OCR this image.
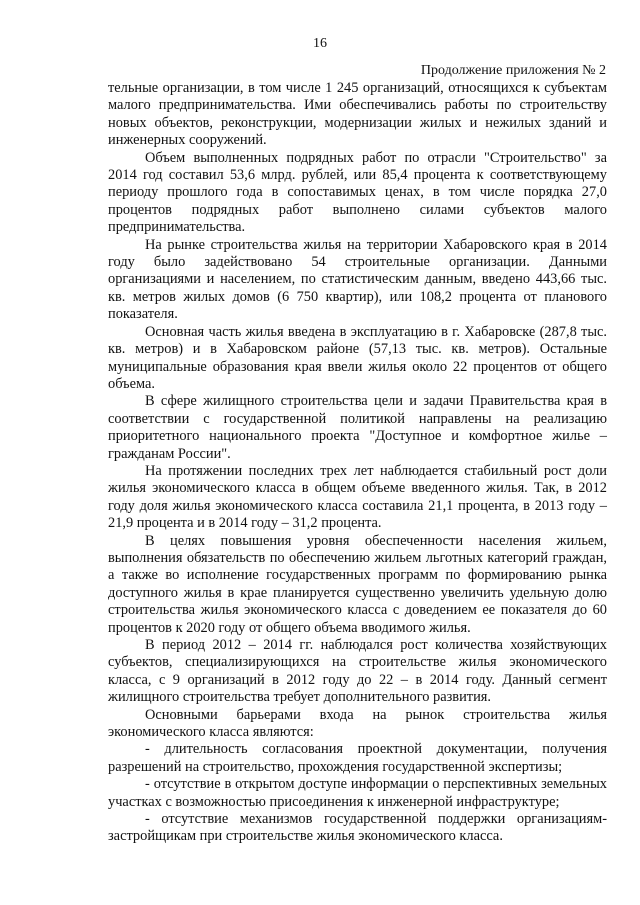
16
Продолжение приложения № 2

тельные организации, в том числе 1 245 организаций, относящихся к субъектам малого предпринимательства. Ими обеспечивались работы по строительству новых объектов, реконструкции, модернизации жилых и нежилых зданий и инженерных сооружений.

Объем выполненных подрядных работ по отрасли "Строительство" за 2014 год составил 53,6 млрд. рублей, или 85,4 процента к соответствующему периоду прошлого года в сопоставимых ценах, в том числе порядка 27,0 процентов подрядных работ выполнено силами субъектов малого предпринимательства.

На рынке строительства жилья на территории Хабаровского края в 2014 году было задействовано 54 строительные организации. Данными организациями и населением, по статистическим данным, введено 443,66 тыс. кв. метров жилых домов (6 750 квартир), или 108,2 процента от планового показателя.

Основная часть жилья введена в эксплуатацию в г. Хабаровске (287,8 тыс. кв. метров) и в Хабаровском районе (57,13 тыс. кв. метров). Остальные муниципальные образования края ввели жилья около 22 процентов от общего объема.

В сфере жилищного строительства цели и задачи Правительства края в соответствии с государственной политикой направлены на реализацию приоритетного национального проекта "Доступное и комфортное жилье – гражданам России".

На протяжении последних трех лет наблюдается стабильный рост доли жилья экономического класса в общем объеме введенного жилья. Так, в 2012 году доля жилья экономического класса составила 21,1 процента, в 2013 году – 21,9 процента и в 2014 году – 31,2 процента.

В целях повышения уровня обеспеченности населения жильем, выполнения обязательств по обеспечению жильем льготных категорий граждан, а также во исполнение государственных программ по формированию рынка доступного жилья в крае планируется существенно увеличить удельную долю строительства жилья экономического класса с доведением ее показателя до 60 процентов к 2020 году от общего объема вводимого жилья.

В период 2012 – 2014 гг. наблюдался рост количества хозяйствующих субъектов, специализирующихся на строительстве жилья экономического класса, с 9 организаций в 2012 году до 22 – в 2014 году. Данный сегмент жилищного строительства требует дополнительного развития.

Основными барьерами входа на рынок строительства жилья экономического класса являются:

- длительность согласования проектной документации, получения разрешений на строительство, прохождения государственной экспертизы;

- отсутствие в открытом доступе информации о перспективных земельных участках с возможностью присоединения к инженерной инфраструктуре;

- отсутствие механизмов государственной поддержки организациям-застройщикам при строительстве жилья экономического класса.
